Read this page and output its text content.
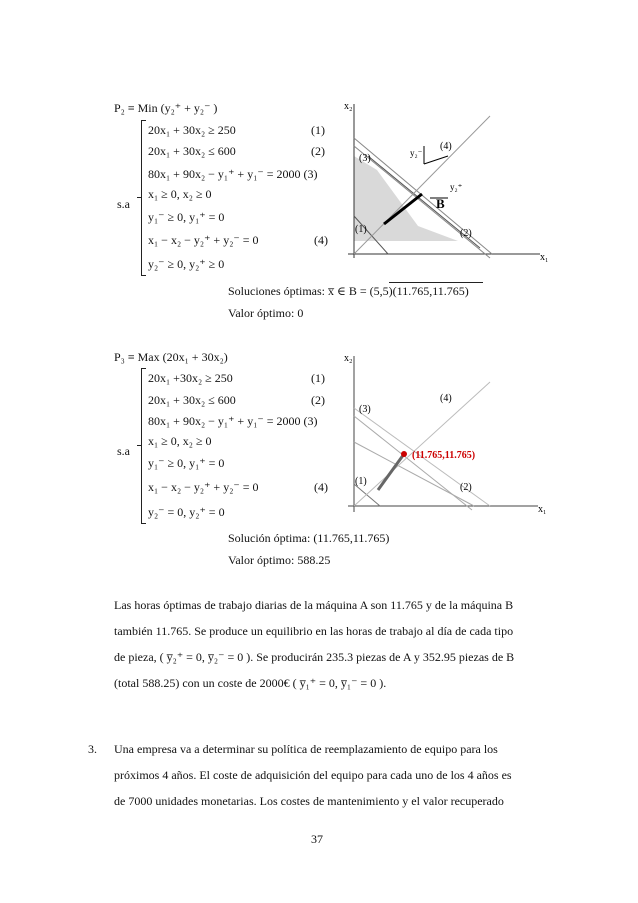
P₂ ≡ Min (y₂⁺ + y₂⁻ )
s.a
20x₁ + 30x₂ ≥ 250	(1)
20x₁ + 30x₂ ≤ 600	(2)
80x₁ + 90x₂ − y₁⁺ + y₁⁻ = 2000 (3)
x₁ ≥ 0, x₂ ≥ 0
y₁⁻ ≥ 0, y₁⁺ = 0
x₁ − x₂ − y₂⁺ + y₂⁻ = 0	(4)
y₂⁻ ≥ 0, y₂⁺ ≥ 0
x₂
x₁
(3)
(4)
(1)	(2)
B
y₂⁻
y₂⁺
Soluciones óptimas: x̅ ∈ B = (5,5)(11.765,11.765)
Valor óptimo: 0
P₃ ≡ Max (20x₁ + 30x₂)
s.a
20x₁ +30x₂ ≥ 250	(1)
20x₁ + 30x₂ ≤ 600	(2)
80x₁ + 90x₂ − y₁⁺ + y₁⁻ = 2000 (3)
x₁ ≥ 0, x₂ ≥ 0
y₁⁻ ≥ 0, y₁⁺ = 0
x₁ − x₂ − y₂⁺ + y₂⁻ = 0	(4)
y₂⁻ = 0, y₂⁺ = 0
x₂
x₁
(3)
(4)
(1)
(2)
(11.765,11.765)
Solución óptima: (11.765,11.765)
Valor óptimo: 588.25
Las horas óptimas de trabajo diarias de la máquina A son 11.765 y de la máquina B
también 11.765. Se produce un equilibrio en las horas de trabajo al día de cada tipo
de pieza, ( y̅₂⁺ = 0, y̅₂⁻ = 0 ). Se producirán 235.3 piezas de A y 352.95 piezas de B
(total 588.25) con un coste de 2000€ ( y̅₁⁺ = 0, y̅₁⁻ = 0 ).
3. Una empresa va a determinar su política de reemplazamiento de equipo para los
próximos 4 años. El coste de adquisición del equipo para cada uno de los 4 años es
de 7000 unidades monetarias. Los costes de mantenimiento y el valor recuperado
37
